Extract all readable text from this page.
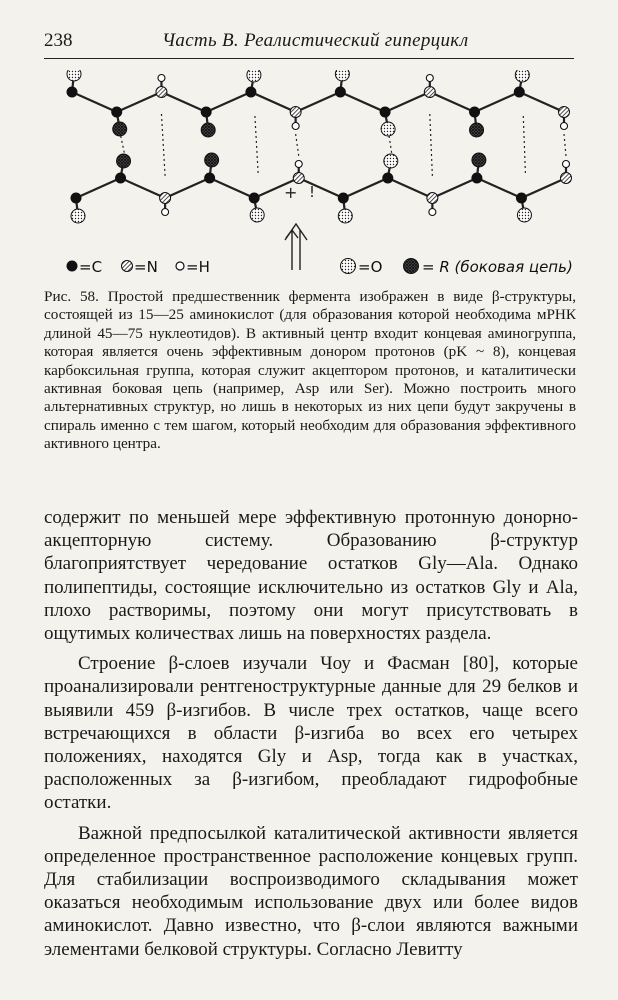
238	Часть В. Реалистический гиперцикл
+ !
=C =N =H	=O	= R (боковая цепь)

Рис. 58. Простой предшественник фермента изображен в виде β-структуры, состоящей из 15—25 аминокислот (для образования которой необходима мРНК длиной 45—75 нуклеотидов). В активный центр входит концевая аминогруппа, которая является очень эффективным донором протонов (pK ~ 8), концевая карбоксильная группа, которая служит акцептором протонов, и каталитически активная боковая цепь (например, Asp или Ser). Можно построить много альтернативных структур, но лишь в некоторых из них цепи будут закручены в спираль именно с тем шагом, который необходим для образования эффективного активного центра.

содержит по меньшей мере эффективную протонную донорно-акцепторную систему. Образованию β-структур благоприятствует чередование остатков Gly—Ala. Однако полипептиды, состоящие исключительно из остатков Gly и Ala, плохо растворимы, поэтому они могут присутствовать в ощутимых количествах лишь на поверхностях раздела.

Строение β-слоев изучали Чоу и Фасман [80], которые проанализировали рентгеноструктурные данные для 29 белков и выявили 459 β-изгибов. В числе трех остатков, чаще всего встречающихся в области β-изгиба во всех его четырех положениях, находятся Gly и Asp, тогда как в участках, расположенных за β-изгибом, преобладают гидрофобные остатки.

Важной предпосылкой каталитической активности является определенное пространственное расположение концевых групп. Для стабилизации воспроизводимого складывания может оказаться необходимым использование двух или более видов аминокислот. Давно известно, что β-слои являются важными элементами белковой структуры. Согласно Левитту
